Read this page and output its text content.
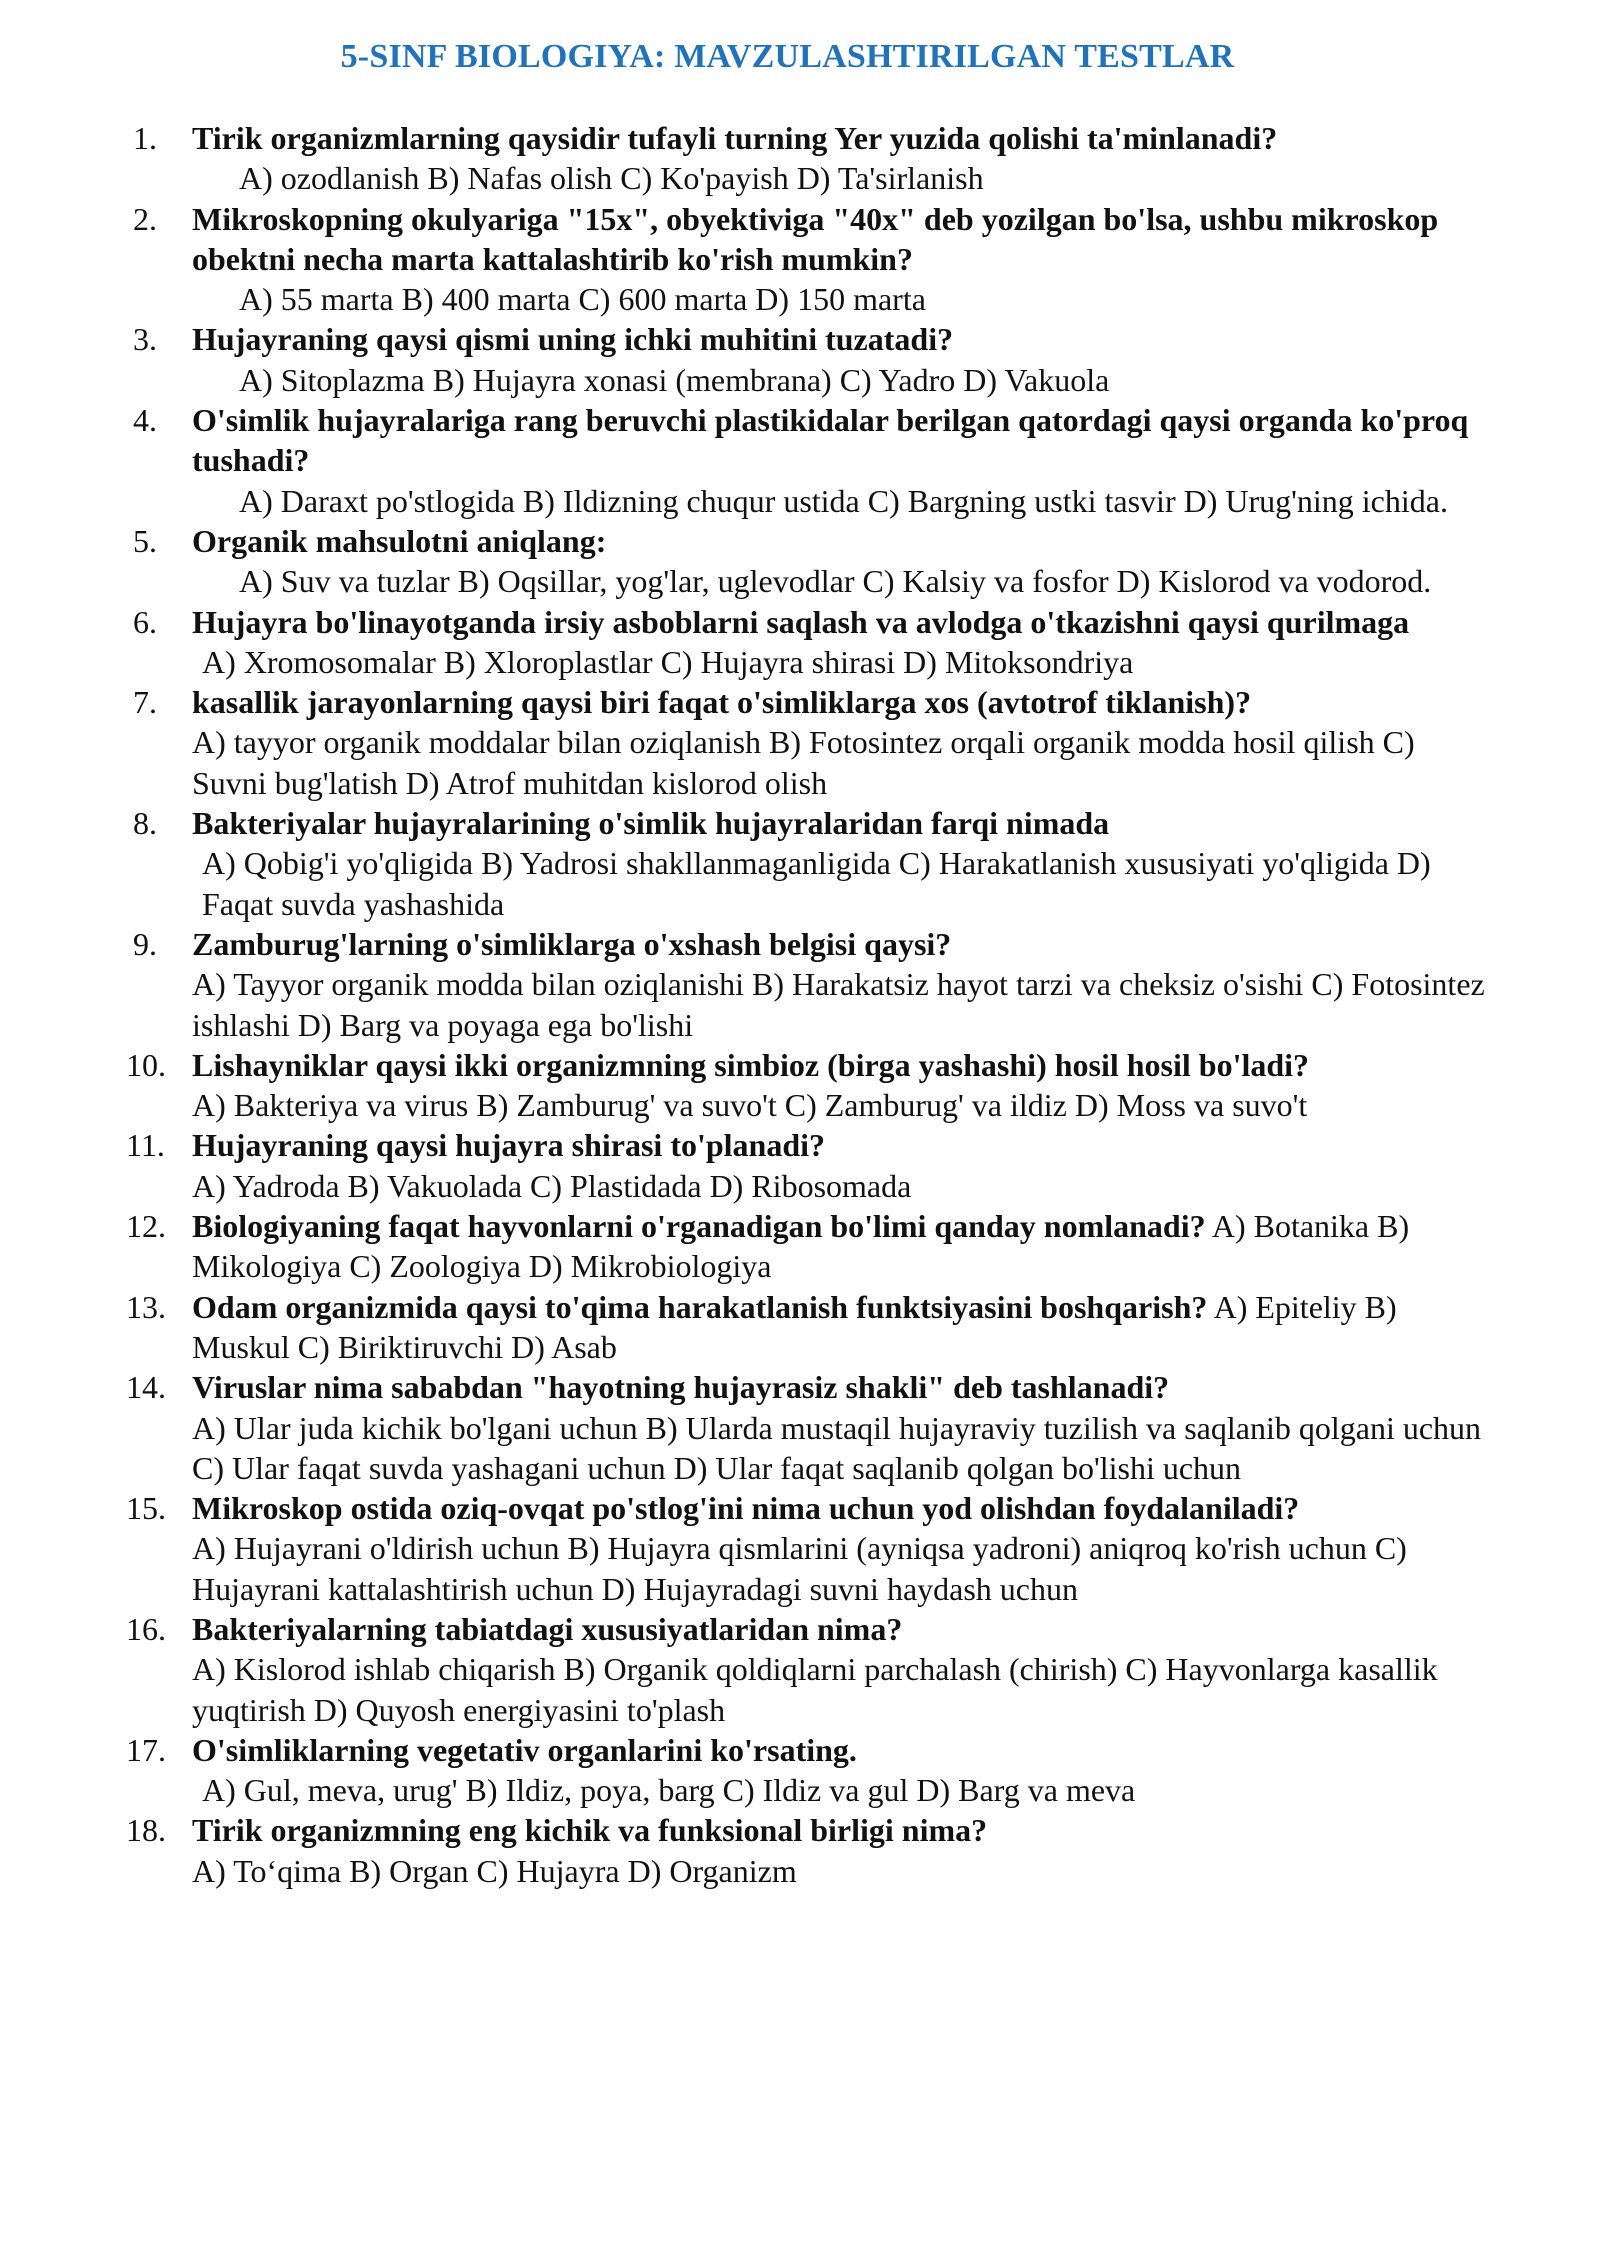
5-SINF BIOLOGIYA: MAVZULASHTIRILGAN TESTLAR
1.	Tirik organizmlarning qaysidir tufayli turning Yer yuzida qolishi ta'minlanadi?
A) ozodlanish B) Nafas olish C) Ko'payish D) Ta'sirlanish
2.	Mikroskopning okulyariga "15x", obyektiviga "40x" deb yozilgan bo'lsa, ushbu mikroskop obektni necha marta kattalashtirib ko'rish mumkin?
A) 55 marta B) 400 marta C) 600 marta D) 150 marta
3.	Hujayraning qaysi qismi uning ichki muhitini tuzatadi?
A) Sitoplazma B) Hujayra xonasi (membrana) C) Yadro D) Vakuola
4.	O'simlik hujayralariga rang beruvchi plastikidalar berilgan qatordagi qaysi organda ko'proq tushadi?
A) Daraxt po'stlogida B) Ildizning chuqur ustida C) Bargning ustki tasvir D) Urug'ning ichida.
5.	Organik mahsulotni aniqlang:
A) Suv va tuzlar B) Oqsillar, yog'lar, uglevodlar C) Kalsiy va fosfor D) Kislorod va vodorod.
6.	Hujayra bo'linayotganda irsiy asboblarni saqlash va avlodga o'tkazishni qaysi qurilmaga
A) Xromosomalar B) Xloroplastlar C) Hujayra shirasi D) Mitoksondriya
7.	kasallik jarayonlarning qaysi biri faqat o'simliklarga xos (avtotrof tiklanish)?
A) tayyor organik moddalar bilan oziqlanish B) Fotosintez orqali organik modda hosil qilish C) Suvni bug'latish D) Atrof muhitdan kislorod olish
8.	Bakteriyalar hujayralarining o'simlik hujayralaridan farqi nimada
A) Qobig'i yo'qligida B) Yadrosi shakllanmaganligida C) Harakatlanish xususiyati yo'qligida D) Faqat suvda yashashida
9.	Zamburug'larning o'simliklarga o'xshash belgisi qaysi?
A) Tayyor organik modda bilan oziqlanishi B) Harakatsiz hayot tarzi va cheksiz o'sishi C) Fotosintez ishlashi D) Barg va poyaga ega bo'lishi
10. Lishayniklar qaysi ikki organizmning simbioz (birga yashashi) hosil hosil bo'ladi?
A) Bakteriya va virus B) Zamburug' va suvo't C) Zamburug' va ildiz D) Moss va suvo't
11. Hujayraning qaysi hujayra shirasi to'planadi?
A) Yadroda B) Vakuolada C) Plastidada D) Ribosomada
12. Biologiyaning faqat hayvonlarni o'rganadigan bo'limi qanday nomlanadi? A) Botanika B) Mikologiya C) Zoologiya D) Mikrobiologiya
13. Odam organizmida qaysi to'qima harakatlanish funktsiyasini boshqarish? A) Epiteliy B) Muskul C) Biriktiruvchi D) Asab
14. Viruslar nima sababdan "hayotning hujayrasiz shakli" deb tashlanadi?
A) Ular juda kichik bo'lgani uchun B) Ularda mustaqil hujayraviy tuzilish va saqlanib qolgani uchun C) Ular faqat suvda yashagani uchun D) Ular faqat saqlanib qolgan bo'lishi uchun
15. Mikroskop ostida oziq-ovqat po'stlog'ini nima uchun yod olishdan foydalaniladi?
A) Hujayrani o'ldirish uchun B) Hujayra qismlarini (ayniqsa yadroni) aniqroq ko'rish uchun C) Hujayrani kattalashtirish uchun D) Hujayradagi suvni haydash uchun
16. Bakteriyalarning tabiatdagi xususiyatlaridan nima?
A) Kislorod ishlab chiqarish B) Organik qoldiqlarni parchalash (chirish) C) Hayvonlarga kasallik yuqtirish D) Quyosh energiyasini to'plash
17. O'simliklarning vegetativ organlarini ko'rsating.
A) Gul, meva, urug' B) Ildiz, poya, barg C) Ildiz va gul D) Barg va meva
18. Tirik organizmning eng kichik va funksional birligi nima?
A) To‘qima B) Organ C) Hujayra D) Organizm
